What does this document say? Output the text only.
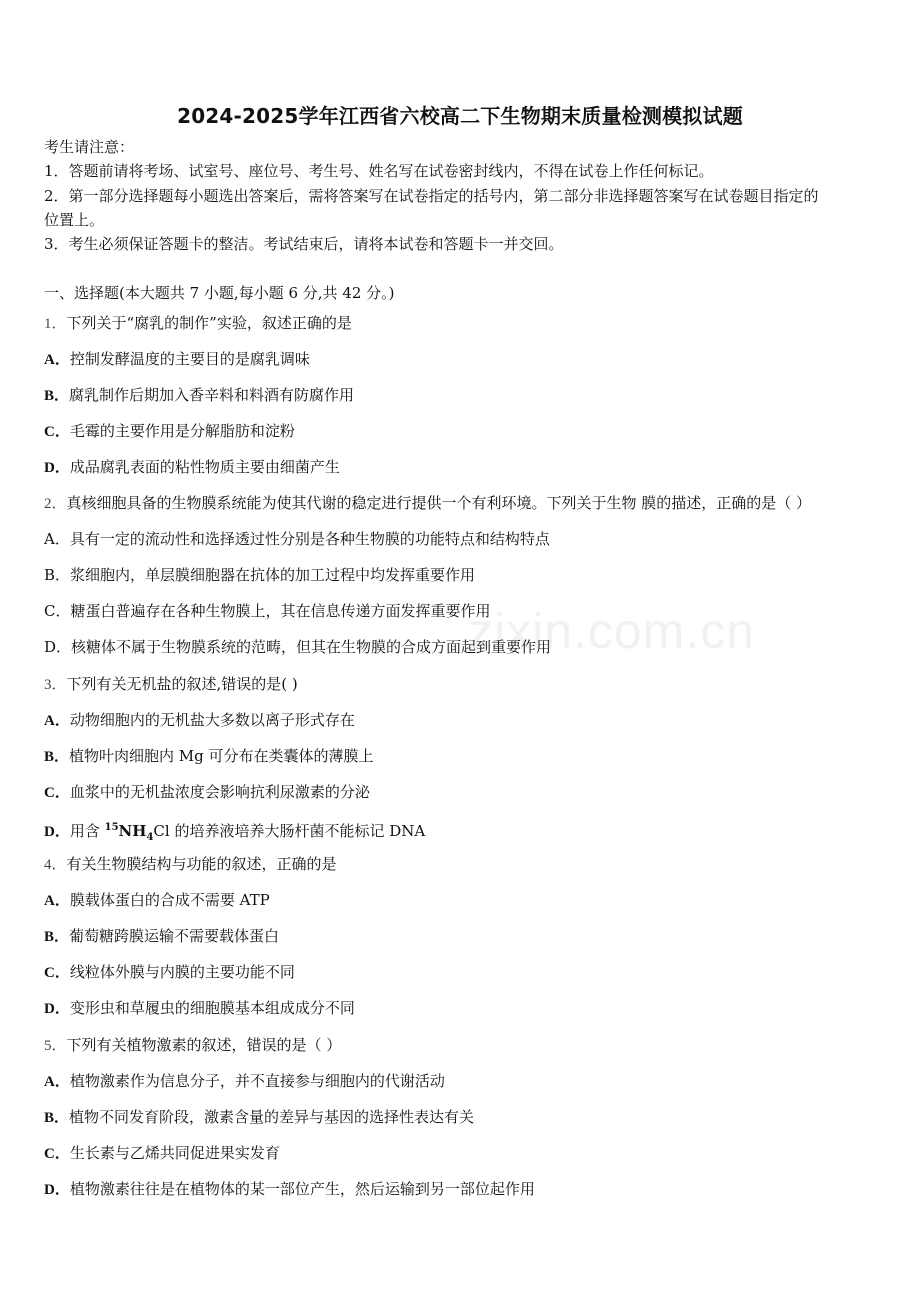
2024-2025学年江西省六校高二下生物期末质量检测模拟试题
考生请注意：
1．答题前请将考场、试室号、座位号、考生号、姓名写在试卷密封线内，不得在试卷上作任何标记。
2．第一部分选择题每小题选出答案后，需将答案写在试卷指定的括号内，第二部分非选择题答案写在试卷题目指定的
位置上。
3．考生必须保证答题卡的整洁。考试结束后，请将本试卷和答题卡一并交回。
一、选择题(本大题共 7 小题,每小题 6 分,共 42 分。)
1．下列关于“腐乳的制作”实验，叙述正确的是
A．控制发酵温度的主要目的是腐乳调味
B．腐乳制作后期加入香辛料和料酒有防腐作用
C．毛霉的主要作用是分解脂肪和淀粉
D．成品腐乳表面的粘性物质主要由细菌产生
2．真核细胞具备的生物膜系统能为使其代谢的稳定进行提供一个有利环境。下列关于生物 膜的描述，正确的是（ ）
A．具有一定的流动性和选择透过性分别是各种生物膜的功能特点和结构特点
B．浆细胞内，单层膜细胞器在抗体的加工过程中均发挥重要作用
C．糖蛋白普遍存在各种生物膜上，其在信息传递方面发挥重要作用
D．核糖体不属于生物膜系统的范畴，但其在生物膜的合成方面起到重要作用
3．下列有关无机盐的叙述,错误的是( )
A．动物细胞内的无机盐大多数以离子形式存在
B．植物叶肉细胞内 Mg 可分布在类囊体的薄膜上
C．血浆中的无机盐浓度会影响抗利尿激素的分泌
D．用含 $^{15}NH_4Cl$ 的培养液培养大肠杆菌不能标记 DNA
4．有关生物膜结构与功能的叙述，正确的是
A．膜载体蛋白的合成不需要 ATP
B．葡萄糖跨膜运输不需要载体蛋白
C．线粒体外膜与内膜的主要功能不同
D．变形虫和草履虫的细胞膜基本组成成分不同
5．下列有关植物激素的叙述，错误的是（ ）
A．植物激素作为信息分子，并不直接参与细胞内的代谢活动
B．植物不同发育阶段，激素含量的差异与基因的选择性表达有关
C．生长素与乙烯共同促进果实发育
D．植物激素往往是在植物体的某一部位产生，然后运输到另一部位起作用
zixin.com.cn
